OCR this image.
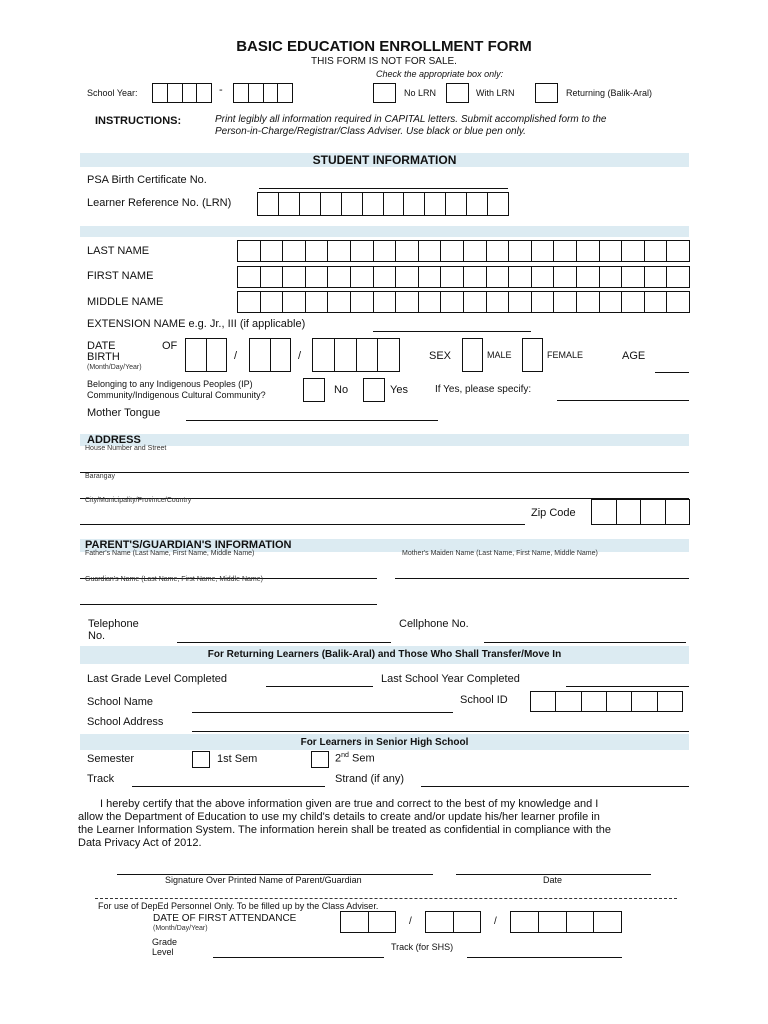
BASIC EDUCATION ENROLLMENT FORM
THIS FORM IS NOT FOR SALE.
Check the appropriate box only:
School Year:	-	No LRN	With LRN	Returning (Balik-Aral)
INSTRUCTIONS:	Print legibly all information required in CAPITAL letters. Submit accomplished form to the
Person-in-Charge/Registrar/Class Adviser. Use black or blue pen only.
STUDENT INFORMATION
PSA Birth Certificate No.
Learner Reference No. (LRN)
LAST NAME
FIRST NAME
MIDDLE NAME
EXTENSION NAME e.g. Jr., III (if applicable)
DATE	OF
BIRTH
(Month/Day/Year)
/	/	SEX	MALE	FEMALE	AGE
Belonging to any Indigenous Peoples (IP)
Community/Indigenous Cultural Community?	No	Yes	If Yes, please specify:
Mother Tongue
ADDRESS
House Number and Street
Barangay
City/Municipality/Province/Country
Zip Code
PARENT'S/GUARDIAN'S INFORMATION
Father's Name (Last Name, First Name, Middle Name)	Mother's Maiden Name (Last Name, First Name, Middle Name)
Guardian's Name (Last Name, First Name, Middle Name)
Telephone
No.
Cellphone No.
For Returning Learners (Balik-Aral) and Those Who Shall Transfer/Move In
Last Grade Level Completed	Last School Year Completed
School Name	School ID
School Address
For Learners in Senior High School
Semester	1st Sem	2nd Sem
Track	Strand (if any)
I hereby certify that the above information given are true and correct to the best of my knowledge and I
allow the Department of Education to use my child's details to create and/or update his/her learner profile in
the Learner Information System. The information herein shall be treated as confidential in compliance with the
Data Privacy Act of 2012.
Signature Over Printed Name of Parent/Guardian	Date
For use of DepEd Personnel Only. To be filled up by the Class Adviser.
DATE OF FIRST ATTENDANCE
(Month/Day/Year)
/	/
Grade
Level	Track (for SHS)
